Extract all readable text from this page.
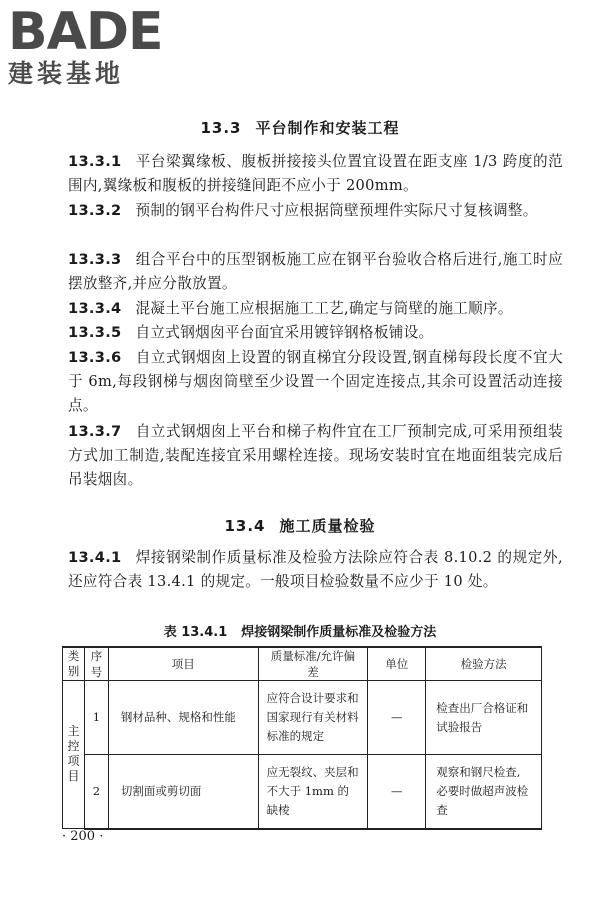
BADE
建装基地
13.3 平台制作和安装工程
13.3.1 平台梁翼缘板、腹板拼接接头位置宜设置在距支座 1/3 跨度的范围内,翼缘板和腹板的拼接缝间距不应小于 200mm。
13.3.2 预制的钢平台构件尺寸应根据筒壁预埋件实际尺寸复核调整。
13.3.3 组合平台中的压型钢板施工应在钢平台验收合格后进行,施工时应摆放整齐,并应分散放置。
13.3.4 混凝土平台施工应根据施工工艺,确定与筒壁的施工顺序。
13.3.5 自立式钢烟囱平台面宜采用镀锌钢格板铺设。
13.3.6 自立式钢烟囱上设置的钢直梯宜分段设置,钢直梯每段长度不宜大于 6m,每段钢梯与烟囱筒壁至少设置一个固定连接点,其余可设置活动连接点。
13.3.7 自立式钢烟囱上平台和梯子构件宜在工厂预制完成,可采用预组装方式加工制造,装配连接宜采用螺栓连接。现场安装时宜在地面组装完成后吊装烟囱。
13.4 施工质量检验
13.4.1 焊接钢梁制作质量标准及检验方法除应符合表 8.10.2 的规定外,还应符合表 13.4.1 的规定。一般项目检验数量不应少于 10 处。
表 13.4.1 焊接钢梁制作质量标准及检验方法
类别	序号	项目	质量标准/允许偏差	单位	检验方法
主控项目	1	钢材品种、规格和性能	应符合设计要求和国家现行有关材料标准的规定	—	检查出厂合格证和试验报告
	2	切割面或剪切面	应无裂纹、夹层和不大于 1mm 的缺棱	—	观察和钢尺检查,必要时做超声波检查
· 200 ·
